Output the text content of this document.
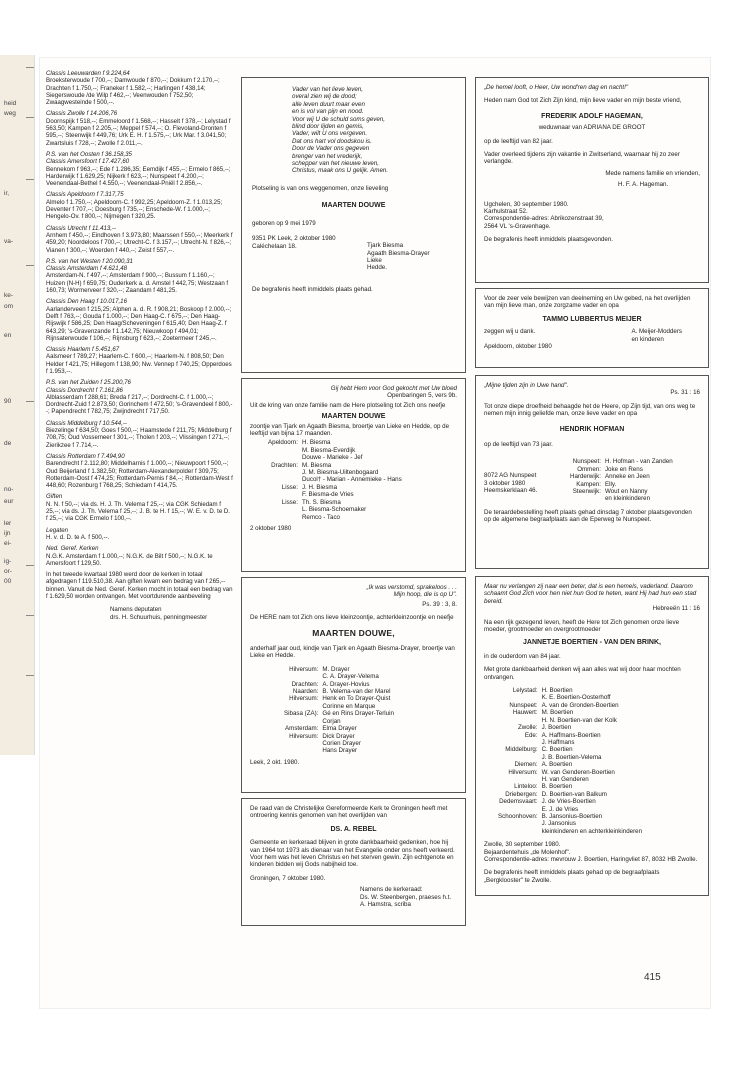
heid
weg
ir,
va-
ke-
om
en
90
de
no-
eur
ler
ijn
ei-
ig-
or-
00
Classis Leeuwarden f 9.224,64
Broeksterwoude f 700,--; Damwoude f 870,--; Dokkum f 2.170,--; Drachten f 1.750,--; Franeker f 1.582,--; Harlingen f 438,14; Siegerswoude /de Wilp f 462,--; Veenwouden f 752,50; Zwaagwesteinde f 500,--.
Classis Zwolle f 14.206,76
Doornspijk f 518,--; Emmeloord f 1.568,--; Hasselt f 378,--; Lelystad f 563,50; Kampen f 2.205,--; Meppel f 574,--; O. Flevoland-Dronten f 595,--; Steenwijk f 449,76; Urk E. H. f 1.575,--; Urk Mar. f 3.041,50; Zwartsluis f 728,--; Zwolle f 2.011,--.
P.S. van het Oosten f 36.158,35
Classis Amersfoort f 17.427,60
Bennekom f 963,--; Ede f 1.286,35; Eemdijk f 455,--; Ermelo f 865,--; Harderwijk f 1.629,25; Nijkerk f 623,--; Nunspeet f 4.200,--; Veenendaal-Bethel f 4.550,--; Veenendaal-Pniël f 2.856,--.
Classis Apeldoorn f 7.317,75
Almelo f 1.750,--; Apeldoorn-C. f 992,25; Apeldoorn-Z. f 1.013,25; Deventer f 707,--; Doesburg f 735,--; Enschede-W. f 1.000,--; Hengelo-Ov. f 800,--; Nijmegen f 320,25.
Classis Utrecht f 11.413,--
Arnhem f 450,--; Eindhoven f 3.973,80; Maarssen f 550,--; Meerkerk f 459,20; Noordeloos f 700,--; Utrecht-C. f 3.157,--; Utrecht-N. f 826,--; Vianen f 300,--; Woerden f 440,--; Zeist f 557,--.
P.S. van het Westen f 20.090,31
Classis Amsterdam f 4.621,48
Amsterdam-N. f 497,--; Amsterdam f 900,--; Bussum f 1.160,--; Huizen (N-H) f 659,75; Ouderkerk a. d. Amstel f 442,75; Westzaan f 160,73; Wormerveer f 320,--; Zaandam f 481,25.
Classis Den Haag f 10.017,16
Aarlanderveen f 215,25; Alphen a. d. R. f 908,21; Boskoop f 2.000,--; Delft f 763,--; Gouda f 1.000,--; Den Haag-C. f 675,--; Den Haag-Rijswijk f 586,25; Den Haag/Scheveningen f 615,40; Den Haag-Z. f 643,29; 's-Gravenzande f 1.142,75; Nieuwkoop f 494,01; Rijnsaterwoude f 106,--; Rijnsburg f 623,--; Zoetermeer f 245,--.
Classis Haarlem f 5.451,67
Aalsmeer f 789,27; Haarlem-C. f 600,--; Haarlem-N. f 808,50; Den Helder f 421,75; Hillegom f 138,90; Nw. Vennep f 740,25; Opperdoes f 1.953,--.
P.S. van het Zuiden f 25.200,76
Classis Dordrecht f 7.161,86
Alblasserdam f 288,61; Breda f 217,--; Dordrecht-C. f 1.000,--; Dordrecht-Zuid f 2.873,50; Gorinchem f 472,50; 's-Gravendeel f 800,--; Papendrecht f 782,75; Zwijndrecht f 717,50.
Classis Middelburg f 10.544,--
Biezelinge f 634,50; Goes f 500,--; Haamstede f 211,75; Middelburg f 708,75; Oud Vossemeer f 301,--; Tholen f 203,--; Vlissingen f 271,--; Zierikzee f 7.714,--.
Classis Rotterdam f 7.494,90
Barendrecht f 2.112,80; Middelharnis f 1.000,--; Nieuwpoort f 500,--; Oud Beijerland f 1.382,50; Rotterdam-Alexanderpolder f 309,75; Rotterdam-Oost f 474,25; Rotterdam-Pernis f 84,--; Rotterdam-West f 448,60; Rozenburg f 768,25; Schiedam f 414,75.
Giften
N. N. f 50,--; via ds. H. J. Th. Velema f 25,--; via CGK Schiedam f 25,--; via ds. J. Th. Velema f 25,--; J. B. te H. f 15,--; W. E. v. D. te D. f 25,--; via CGK Ermelo f 100,--.
Legaten
H. v. d. D. te A. f 500,--.
Ned. Geref. Kerken
N.G.K. Amsterdam f 1.000,--; N.G.K. de Bilt f 500,--; N.G.K. te Amersfoort f 129,50.
In het tweede kwartaal 1980 werd door de kerken in totaal afgedragen f 119.510,38. Aan giften kwam een bedrag van f 265,-- binnen. Vanuit de Ned. Geref. Kerken mocht in totaal een bedrag van f 1.629,50 worden ontvangen. Met voortdurende aanbeveling
Namens deputaten
drs. H. Schuurhuis, penningmeester

Vader van het lieve leven,

overal zien wij de dood;

alle leven duurt maar even

en is vol van pijn en nood.

Voor wij U de schuld soms geven,

blind door lijden en gemis,

Vader, wilt U ons vergeven.

Dat ons hart vol doodskou is.

Door de Vader ons gegeven

brenger van het vrederijk,

schepper van het nieuwe leven,

Christus, maak ons U gelijk. Amen.

Plotseling is van ons weggenomen, onze lieveling

MAARTEN DOUWE

geboren op 9 mei 1979

9351 PK Leek, 2 oktober 1980

Caléchelaan 18.	Tjark Biesma

Agaath Biesma-Drayer

Lieke

Hedde.

De begrafenis heeft inmiddels plaats gehad.

Gij hebt Hem voor God gekocht met Uw bloed

Openbaringen 5, vers 9b.

Uit de kring van onze familie nam de Here plotseling tot Zich ons neefje

MAARTEN DOUWE

zoontje van Tjark en Agaath Biesma, broertje van Lieke en Hedde, op de leeftijd van bijna 17 maanden.

Apeldoorn:	H. Biesma
	M. Biesma-Everdijk
	Douwe - Marieke - Jef
Drachten:	M. Biesma
	J. M. Biesma-Uiltenbogaard
	Ducol† - Marian - Annemieke - Hans
Lisse:	J. H. Biesma
	F. Biesma-de Vries
Lisse:	Th. S. Biesma
	L. Biesma-Schoemaker
	Remco - Taco

2 oktober 1980

„Ik was verstomd, sprakeloos . . .

Mijn hoop, die is op U".

Ps. 39 : 3, 8.

De HERE nam tot Zich ons lieve kleinzoontje, achterkleinzoontje en neefje

MAARTEN DOUWE,

anderhalf jaar oud, kindje van Tjark en Agaath Biesma-Drayer, broertje van Lieke en Hedde.

Hilversum:	M. Drayer
	C. A. Drayer-Velema
Drachten:	A. Drayer-Hovius
Naarden:	B. Velema-van der Marel
Hilversum:	Henk en To Drayer-Quist
	Corinne en Marque
Sibasa (ZA):	Gé en Rins Drayer-Terluin
	Corjan
Amsterdam:	Elma Drayer
Hilversum:	Dick Drayer
	Corien Drayer
	Hans Drayer

Leek, 2 okt. 1980.

De raad van de Christelijke Gereformeerde Kerk te Groningen heeft met ontroering kennis genomen van het overlijden van

DS. A. REBEL

Gemeente en kerkeraad blijven in grote dankbaarheid gedenken, hoe hij van 1964 tot 1973 als dienaar van het Evangelie onder ons heeft verkeerd. Voor hem was het leven Christus en het sterven gewin. Zijn echtgenote en kinderen bidden wij Gods nabijheid toe.

Groningen, 7 oktober 1980.

Namens de kerkeraad:

Ds. W. Steenbergen, praeses h.t.

A. Hamstra, scriba

„De hemel looft, o Heer, Uw wond'ren dag en nacht!"

Heden nam God tot Zich Zijn kind, mijn lieve vader en mijn beste vriend,

FREDERIK ADOLF HAGEMAN,

weduwnaar van ADRIANA DE GROOT

op de leeftijd van 82 jaar.

Vader overleed tijdens zijn vakantie in Zwitserland, waarnaar hij zo zeer verlangde.

Mede namens familie en vrienden,

H. F. A. Hageman.

Ugchelen, 30 september 1980.

Karhulstraat 52.

Correspondentie-adres: Abrikozenstraat 39,

2564 VL 's-Gravenhage.

De begrafenis heeft inmiddels plaatsgevonden.

Voor de zeer vele bewijzen van deelneming en Uw gebed, na het overlijden van mijn lieve man, onze zorgzame vader en opa

TAMMO LUBBERTUS MEIJER

zeggen wij u dank.	A. Meijer-Modders

en kinderen

Apeldoorn, oktober 1980

„Mijne tijden zijn in Uwe hand".

Ps. 31 : 16

Tot onze diepe droefheid behaagde het de Heere, op Zijn tijd, van ons weg te nemen mijn innig geliefde man, onze lieve vader en opa

HENDRIK HOFMAN

op de leeftijd van 73 jaar.

8072 AG Nunspeet

3 oktober 1980

Heemskerklaan 46.

Nunspeet:	H. Hofman - van Zanden
Ommen:	Joke en Rens
Harderwijk:	Anneke en Jeen
Kampen:	Elly.
Steenwijk:	Wout en Nanny
	en kleinkinderen

De teraardebestelling heeft plaats gehad dinsdag 7 oktober plaatsgevonden op de algemene begraafplaats aan de Eperweg te Nunspeet.

Maar nu verlangen zij naar een beter, dat is een hemels, vaderland. Daarom schaamt God Zich voor hen niet hun God te heten, want Hij had hun een stad bereid.

Hebreeën 11 : 16

Na een rijk gezegend leven, heeft de Here tot Zich genomen onze lieve moeder, grootmoeder en overgrootmoeder

JANNETJE BOERTIEN - VAN DEN BRINK,

in de ouderdom van 84 jaar.

Met grote dankbaarheid denken wij aan alles wat wij door haar mochten ontvangen.

Lelystad:	H. Boertien
	K. E. Boertien-Oosterhoff
Nunspeet:	A. van de Gronden-Boertien
Hauwert:	M. Boertien
	H. N. Boertien-van der Kolk
Zwolle:	J. Boertien
Ede:	A. Haffmans-Boertien
	J. Haffmans
Middelburg:	C. Boertien
	J. B. Boertien-Velema
Diemen:	A. Boertien
Hilversum:	W. van Genderen-Boertien
	H. van Genderen
Linteloo:	B. Boertien
Driebergen:	D. Boertien-van Balkum
Dedemsvaart:	J. de Vries-Boertien
	E. J. de Vries
Schoonhoven:	B. Jansonius-Boertien
	J. Jansonius
	kleinkinderen en achterkleinkinderen

Zwolle, 30 september 1980.

Bejaardentehuis „de Molenhof".

Correspondentie-adres: mevrouw J. Boertien, Haringvliet 87, 8032 HB Zwolle.

De begrafenis heeft inmiddels plaats gehad op de begraafplaats „Bergklooster" te Zwolle.

415
